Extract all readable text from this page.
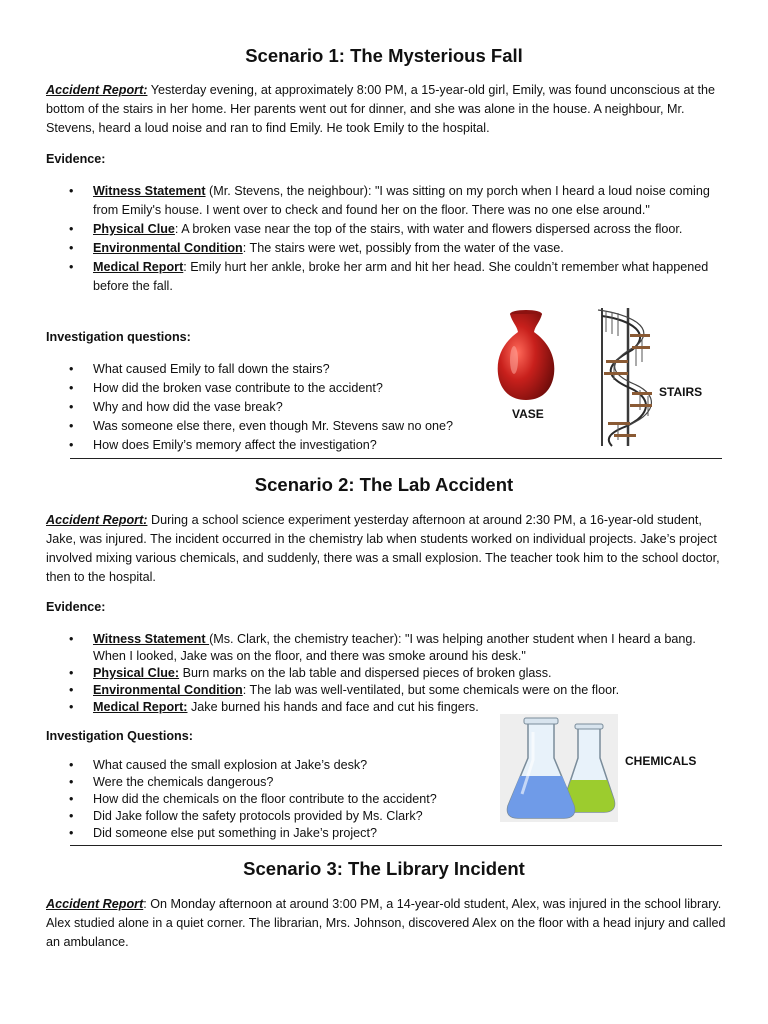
Scenario 1: The Mysterious Fall

Accident Report: Yesterday evening, at approximately 8:00 PM, a 15-year-old girl, Emily, was found unconscious at the bottom of the stairs in her home. Her parents went out for dinner, and she was alone in the house. A neighbour, Mr. Stevens, heard a loud noise and ran to find Emily. He took Emily to the hospital.

Evidence:

• Witness Statement (Mr. Stevens, the neighbour): "I was sitting on my porch when I heard a loud noise coming from Emily's house. I went over to check and found her on the floor. There was no one else around."
• Physical Clue: A broken vase near the top of the stairs, with water and flowers dispersed across the floor.
• Environmental Condition: The stairs were wet, possibly from the water of the vase.
• Medical Report: Emily hurt her ankle, broke her arm and hit her head. She couldn’t remember what happened before the fall.

Investigation questions:

• What caused Emily to fall down the stairs?
• How did the broken vase contribute to the accident?
• Why and how did the vase break?
• Was someone else there, even though Mr. Stevens saw no one?
• How does Emily’s memory affect the investigation?
VASE
STAIRS
Scenario 2: The Lab Accident

Accident Report: During a school science experiment yesterday afternoon at around 2:30 PM, a 16-year-old student, Jake, was injured. The incident occurred in the chemistry lab when students worked on individual projects. Jake’s project involved mixing various chemicals, and suddenly, there was a small explosion. The teacher took him to the school doctor, then to the hospital.

Evidence:

• Witness Statement (Ms. Clark, the chemistry teacher): "I was helping another student when I heard a bang. When I looked, Jake was on the floor, and there was smoke around his desk."
• Physical Clue: Burn marks on the lab table and dispersed pieces of broken glass.
• Environmental Condition: The lab was well-ventilated, but some chemicals were on the floor.
• Medical Report: Jake burned his hands and face and cut his fingers.

Investigation Questions:

• What caused the small explosion at Jake’s desk?
• Were the chemicals dangerous?
• How did the chemicals on the floor contribute to the accident?
• Did Jake follow the safety protocols provided by Ms. Clark?
• Did someone else put something in Jake’s project?
CHEMICALS
Scenario 3: The Library Incident

Accident Report: On Monday afternoon at around 3:00 PM, a 14-year-old student, Alex, was injured in the school library. Alex studied alone in a quiet corner. The librarian, Mrs. Johnson, discovered Alex on the floor with a head injury and called an ambulance.
